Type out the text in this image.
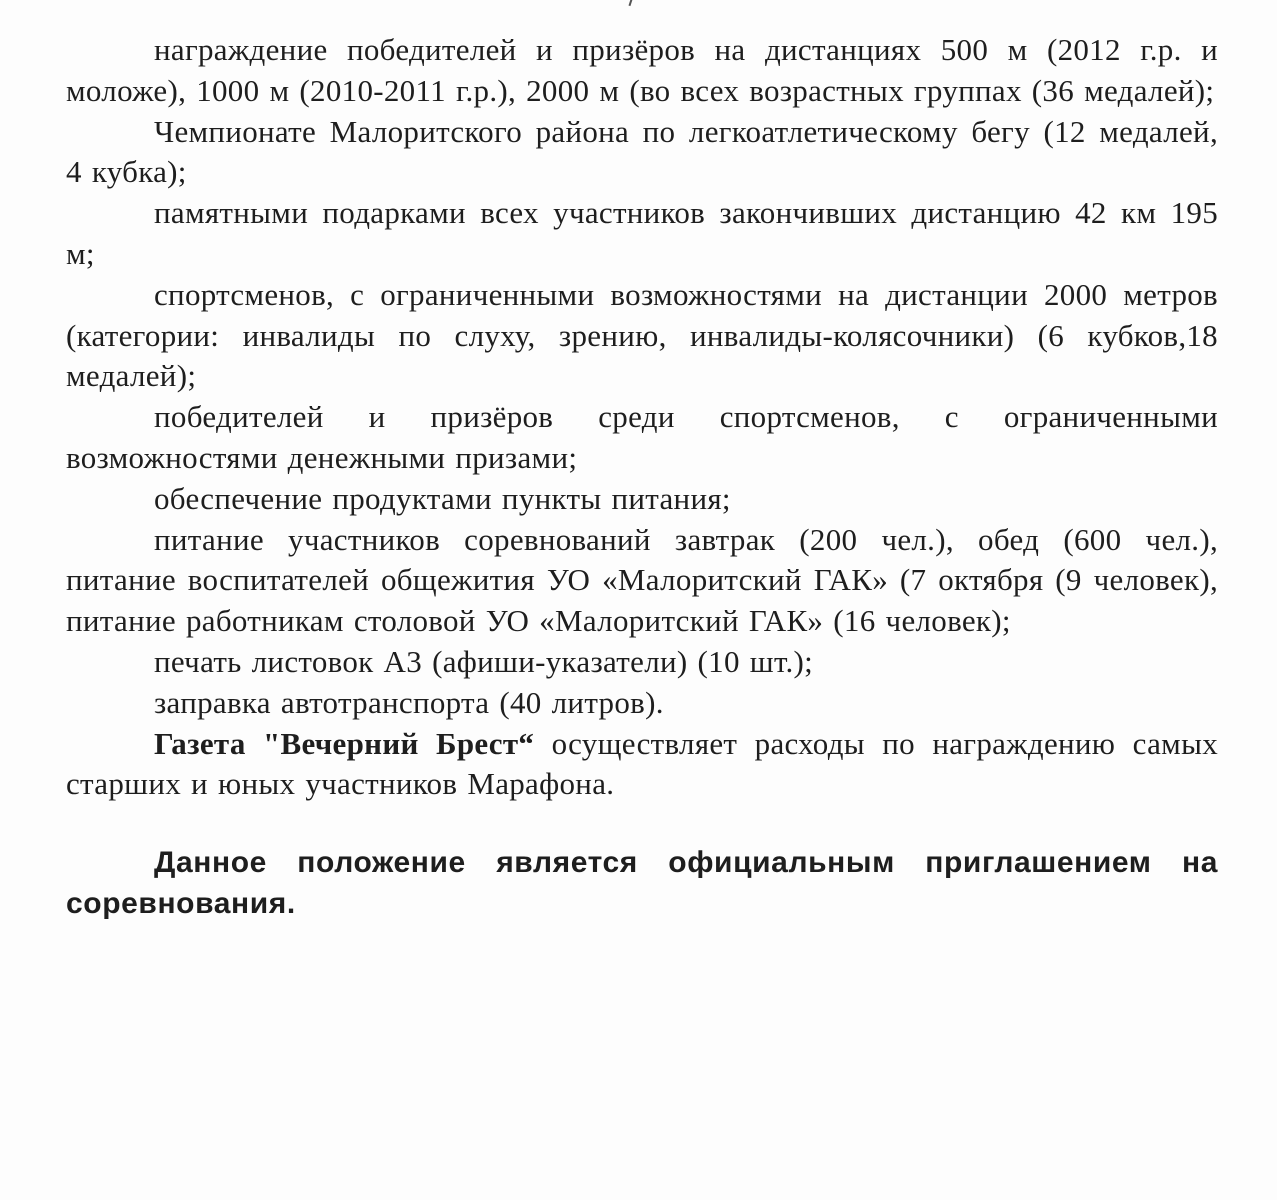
награждение победителей и призёров на дистанциях 500 м (2012 г.р. и моложе), 1000 м (2010-2011 г.р.), 2000 м (во всех возрастных группах (36 медалей);

Чемпионате Малоритского района по легкоатлетическому бегу (12 медалей, 4 кубка);

памятными подарками всех участников закончивших дистанцию 42 км 195 м;

спортсменов, с ограниченными возможностями на дистанции 2000 метров (категории: инвалиды по слуху, зрению, инвалиды-колясочники) (6 кубков,18 медалей);

победителей и призёров среди спортсменов, с ограниченными возможностями денежными призами;

обеспечение продуктами пункты питания;

питание участников соревнований завтрак (200 чел.), обед (600 чел.), питание воспитателей общежития УО «Малоритский ГАК» (7 октября (9 человек), питание работникам столовой УО «Малоритский ГАК» (16 человек);

печать листовок А3 (афиши-указатели) (10 шт.);

заправка автотранспорта (40 литров).

Газета "Вечерний Брест“ осуществляет расходы по награждению самых старших и юных участников Марафона.

Данное положение является официальным приглашением на соревнования.
